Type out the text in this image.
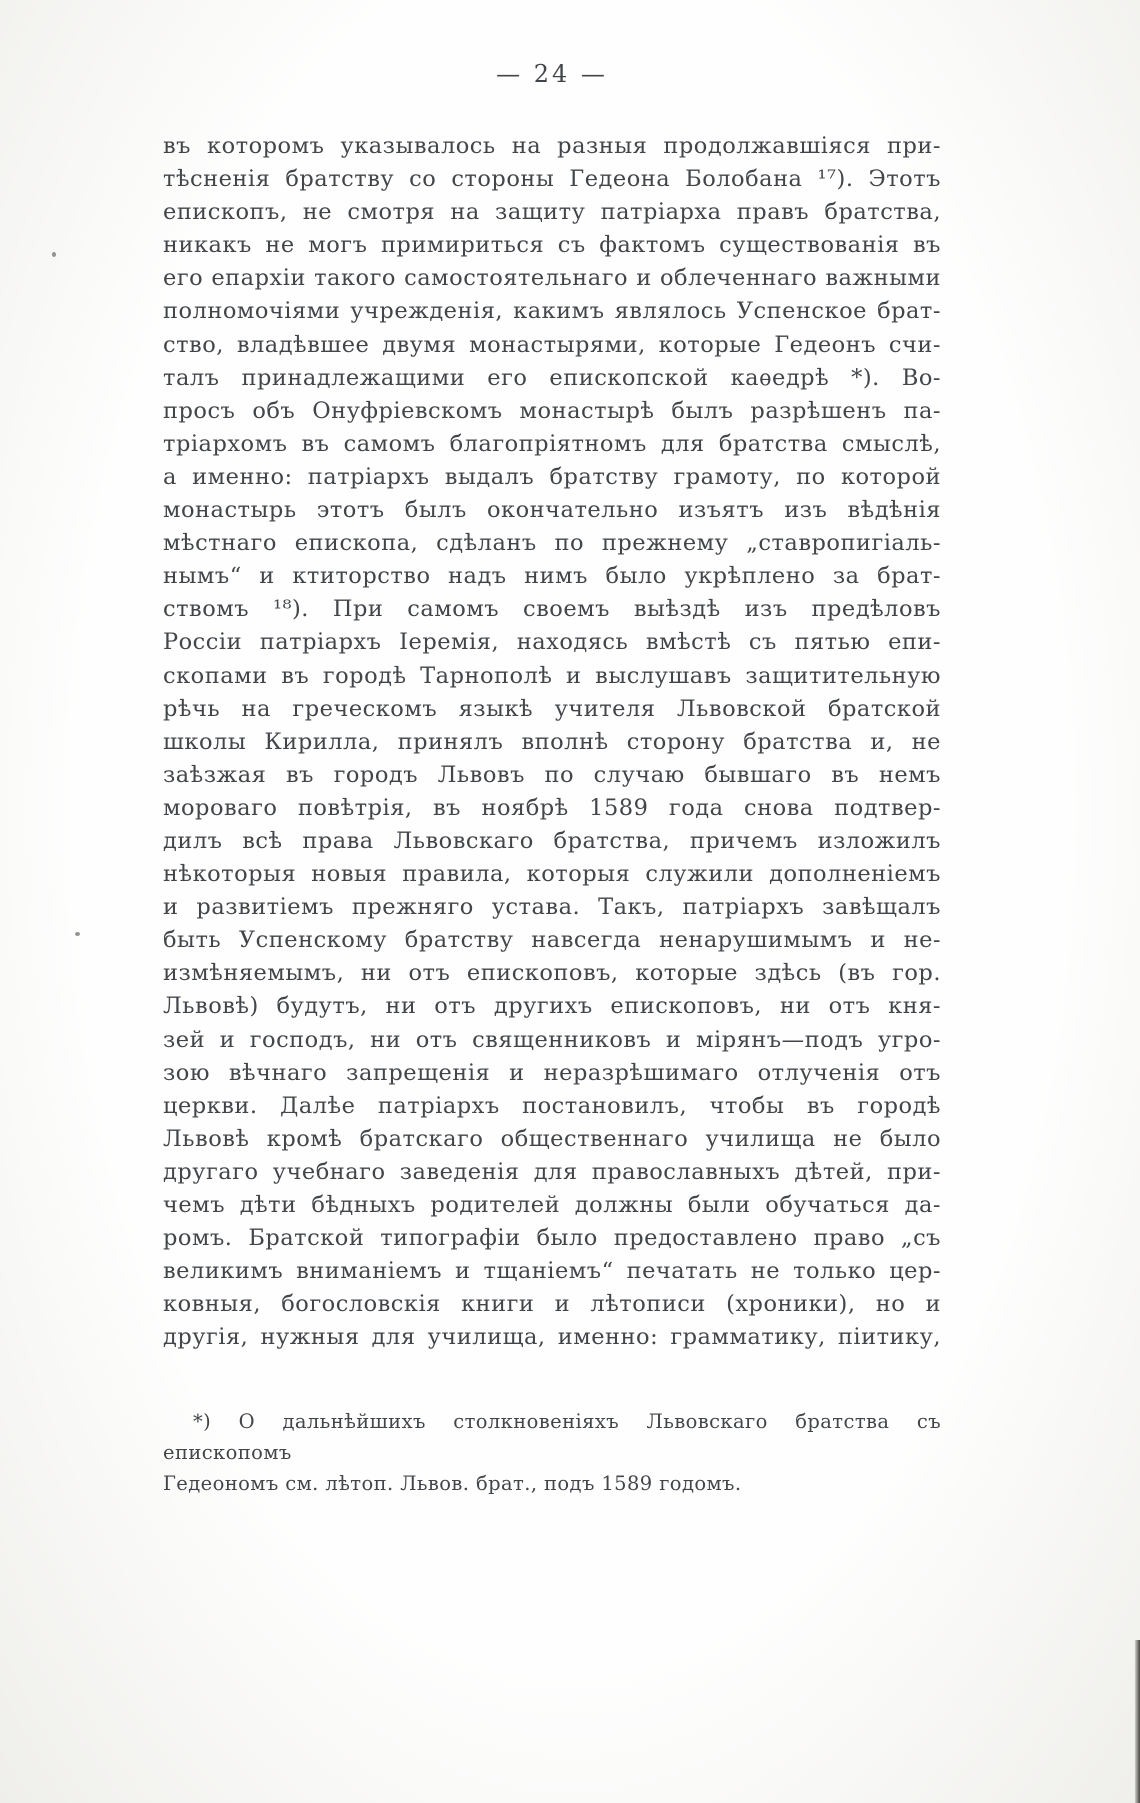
— 24 —
въ которомъ указывалось на разныя продолжавшіяся при-
тѣсненія братству со стороны Гедеона Болобана ¹⁷). Этотъ
епископъ, не смотря на защиту патріарха правъ братства,
никакъ не могъ примириться съ фактомъ существованія въ
его епархіи такого самостоятельнаго и облеченнаго важными
полномочіями учрежденія, какимъ являлось Успенское брат-
ство, владѣвшее двумя монастырями, которые Гедеонъ счи-
талъ принадлежащими его епископской каѳедрѣ *). Во-
просъ объ Онуфріевскомъ монастырѣ былъ разрѣшенъ па-
тріархомъ въ самомъ благопріятномъ для братства смыслѣ,
а именно: патріархъ выдалъ братству грамоту, по которой
монастырь этотъ былъ окончательно изъятъ изъ вѣдѣнія
мѣстнаго епископа, сдѣланъ по прежнему „ставропигіаль-
нымъ“ и ктиторство надъ нимъ было укрѣплено за брат-
ствомъ ¹⁸). При самомъ своемъ выѣздѣ изъ предѣловъ
Россіи патріархъ Іеремія, находясь вмѣстѣ съ пятью епи-
скопами въ городѣ Тарнополѣ и выслушавъ защитительную
рѣчь на греческомъ языкѣ учителя Львовской братской
школы Кирилла, принялъ вполнѣ сторону братства и, не
заѣзжая въ городъ Львовъ по случаю бывшаго въ немъ
мороваго повѣтрія, въ ноябрѣ 1589 года снова подтвер-
дилъ всѣ права Львовскаго братства, причемъ изложилъ
нѣкоторыя новыя правила, которыя служили дополненіемъ
и развитіемъ прежняго устава. Такъ, патріархъ завѣщалъ
быть Успенскому братству навсегда ненарушимымъ и не-
измѣняемымъ, ни отъ епископовъ, которые здѣсь (въ гор.
Львовѣ) будутъ, ни отъ другихъ епископовъ, ни отъ кня-
зей и господъ, ни отъ священниковъ и мірянъ—подъ угро-
зою вѣчнаго запрещенія и неразрѣшимаго отлученія отъ
церкви. Далѣе патріархъ постановилъ, чтобы въ городѣ
Львовѣ кромѣ братскаго общественнаго училища не было
другаго учебнаго заведенія для православныхъ дѣтей, при-
чемъ дѣти бѣдныхъ родителей должны были обучаться да-
ромъ. Братской типографіи было предоставлено право „съ
великимъ вниманіемъ и тщаніемъ“ печатать не только цер-
ковныя, богословскія книги и лѣтописи (хроники), но и
другія, нужныя для училища, именно: грамматику, піитику,
*) О дальнѣйшихъ столкновеніяхъ Львовскаго братства съ епископомъ
Гедеономъ см. лѣтоп. Львов. брат., подъ 1589 годомъ.
